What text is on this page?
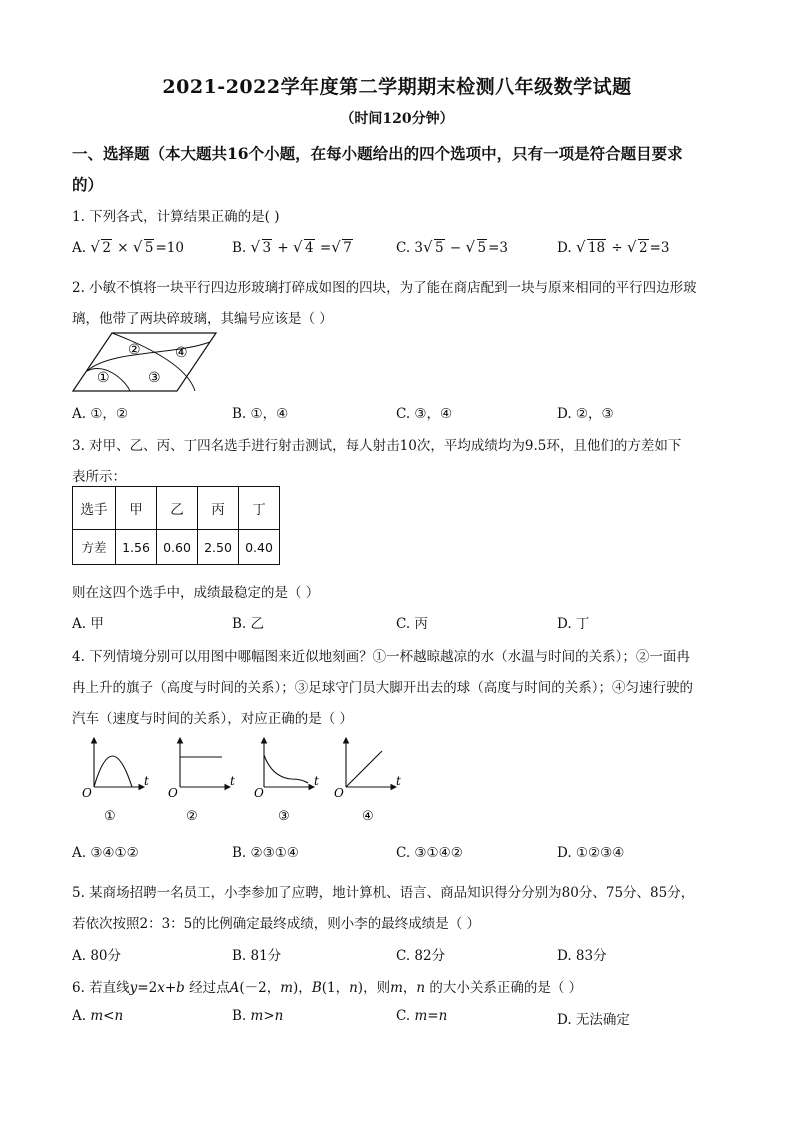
2021-2022学年度第二学期期末检测八年级数学试题
（时间120分钟）
一、选择题（本大题共16个小题，在每小题给出的四个选项中，只有一项是符合题目要求
的）
1. 下列各式，计算结果正确的是( )
A. √ 2 × √ 5 =10	B. √ 3 + √ 4 = √ 7	C. 3 √ 5 − √ 5 =3	D. √ 18 ÷ √ 2 =3
2. 小敏不慎将一块平行四边形玻璃打碎成如图的四块，为了能在商店配到一块与原来相同的平行四边形玻
璃，他带了两块碎玻璃，其编号应该是（ ）
①
②
③
④
A. ①，②	B. ①，④	C. ③，④	D. ②，③
3. 对甲、乙、丙、丁四名选手进行射击测试，每人射击10次，平均成绩均为9.5环，且他们的方差如下
表所示：
选手	甲	乙	丙	丁
方差	1.56	0.60	2.50	0.40
则在这四个选手中，成绩最稳定的是（ ）
A. 甲	B. 乙	C. 丙	D. 丁
4. 下列情境分别可以用图中哪幅图来近似地刻画？①一杯越晾越凉的水（水温与时间的关系）；②一面冉
冉上升的旗子（高度与时间的关系）；③足球守门员大脚开出去的球（高度与时间的关系）；④匀速行驶的
汽车（速度与时间的关系），对应正确的是（ ）
O
t
①
O
t
②
O
t
③
O
t
④
A. ③④①②	B. ②③①④	C. ③①④②	D. ①②③④
5. 某商场招聘一名员工，小李参加了应聘，地计算机、语言、商品知识得分分别为80分、75分、85分，
若依次按照2：3：5的比例确定最终成绩，则小李的最终成绩是（ ）
A. 80分	B. 81分	C. 82分	D. 83分
6. 若直线y=2x+b 经过点A(－2，m)，B(1，n)，则m，n 的大小关系正确的是（ ）
A. m<n	B. m>n	C. m=n	D. 无法确定
